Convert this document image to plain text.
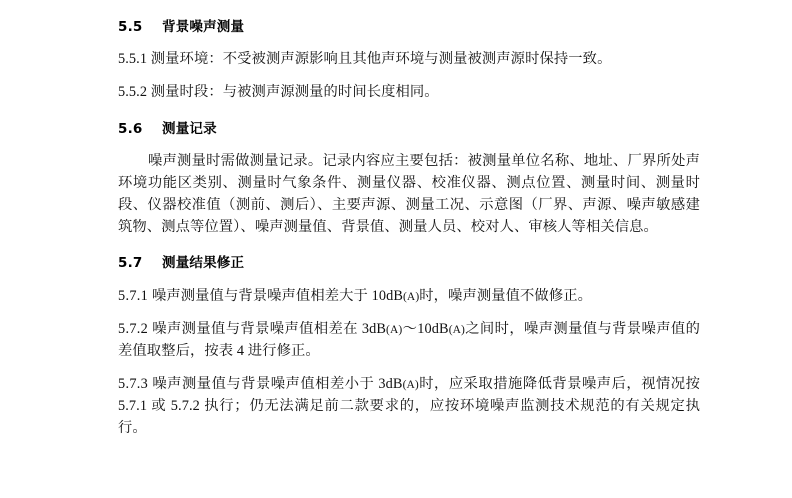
5.5 背景噪声测量

5.5.1 测量环境：不受被测声源影响且其他声环境与测量被测声源时保持一致。

5.5.2 测量时段：与被测声源测量的时间长度相同。

5.6 测量记录

噪声测量时需做测量记录。记录内容应主要包括：被测量单位名称、地址、厂界所处声环境功能区类别、测量时气象条件、测量仪器、校准仪器、测点位置、测量时间、测量时段、仪器校准值（测前、测后）、主要声源、测量工况、示意图（厂界、声源、噪声敏感建筑物、测点等位置）、噪声测量值、背景值、测量人员、校对人、审核人等相关信息。

5.7 测量结果修正

5.7.1 噪声测量值与背景噪声值相差大于 10dB(A)时，噪声测量值不做修正。

5.7.2 噪声测量值与背景噪声值相差在 3dB(A)～10dB(A)之间时，噪声测量值与背景噪声值的差值取整后，按表 4 进行修正。

5.7.3 噪声测量值与背景噪声值相差小于 3dB(A)时，应采取措施降低背景噪声后，视情况按 5.7.1 或 5.7.2 执行；仍无法满足前二款要求的，应按环境噪声监测技术规范的有关规定执行。
